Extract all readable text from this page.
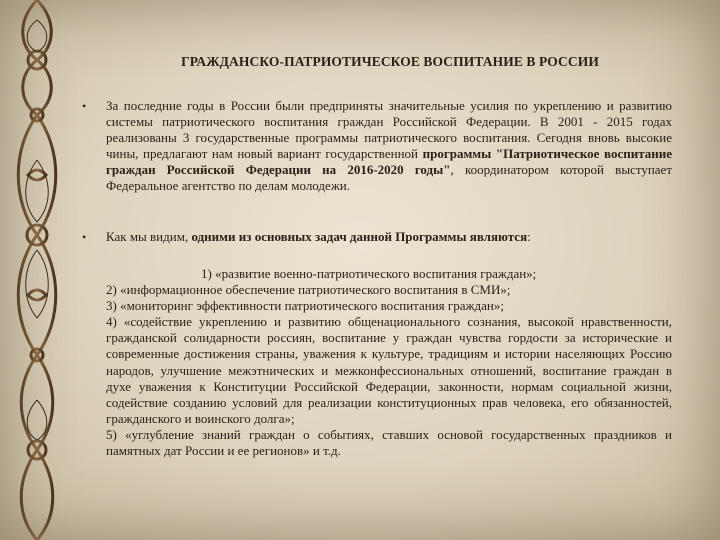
ГРАЖДАНСКО-ПАТРИОТИЧЕСКОЕ ВОСПИТАНИЕ В РОССИИ
• За последние годы в России были предприняты значительные усилия по укреплению и развитию системы патриотического воспитания граждан Российской Федерации. В 2001 - 2015 годах реализованы 3 государственные программы патриотического воспитания. Сегодня вновь высокие чины, предлагают нам новый вариант государственной программы "Патриотическое воспитание граждан Российской Федерации на 2016-2020 годы", координатором которой выступает Федеральное агентство по делам молодежи.
• Как мы видим, одними из основных задач данной Программы являются:
1) «развитие военно-патриотического воспитания граждан»;
2) «информационное обеспечение патриотического воспитания в СМИ»;
3) «мониторинг эффективности патриотического воспитания граждан»;
4) «содействие укреплению и развитию общенационального сознания, высокой нравственности, гражданской солидарности россиян, воспитание у граждан чувства гордости за исторические и современные достижения страны, уважения к культуре, традициям и истории населяющих Россию народов, улучшение межэтнических и межконфессиональных отношений, воспитание граждан в духе уважения к Конституции Российской Федерации, законности, нормам социальной жизни, содействие созданию условий для реализации конституционных прав человека, его обязанностей, гражданского и воинского долга»;
5) «углубление знаний граждан о событиях, ставших основой государственных праздников и памятных дат России и ее регионов» и т.д.
